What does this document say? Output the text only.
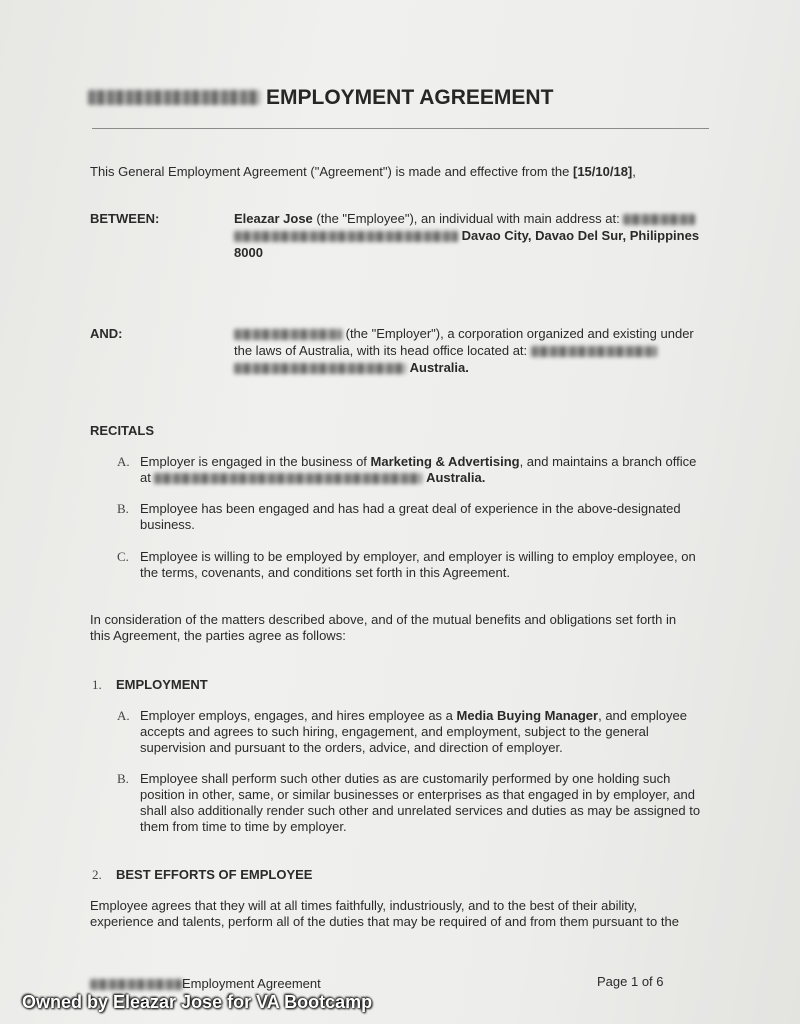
EMPLOYMENT AGREEMENT
This General Employment Agreement ("Agreement") is made and effective from the [15/10/18],
BETWEEN:	Eleazar Jose (the "Employee"), an individual with main address at:
Davao City, Davao Del Sur, Philippines
8000
AND:	(the "Employer"), a corporation organized and existing under
the laws of Australia, with its head office located at:
Australia.
RECITALS
A. Employer is engaged in the business of Marketing & Advertising, and maintains a branch office
at	Australia.
B. Employee has been engaged and has had a great deal of experience in the above-designated
business.
C. Employee is willing to be employed by employer, and employer is willing to employ employee, on
the terms, covenants, and conditions set forth in this Agreement.
In consideration of the matters described above, and of the mutual benefits and obligations set forth in
this Agreement, the parties agree as follows:
1. EMPLOYMENT
A. Employer employs, engages, and hires employee as a Media Buying Manager, and employee
accepts and agrees to such hiring, engagement, and employment, subject to the general
supervision and pursuant to the orders, advice, and direction of employer.
B. Employee shall perform such other duties as are customarily performed by one holding such
position in other, same, or similar businesses or enterprises as that engaged in by employer, and
shall also additionally render such other and unrelated services and duties as may be assigned to
them from time to time by employer.
2. BEST EFFORTS OF EMPLOYEE
Employee agrees that they will at all times faithfully, industriously, and to the best of their ability,
experience and talents, perform all of the duties that may be required of and from them pursuant to the
Employment Agreement	Page 1 of 6
Owned by Eleazar Jose for VA Bootcamp
